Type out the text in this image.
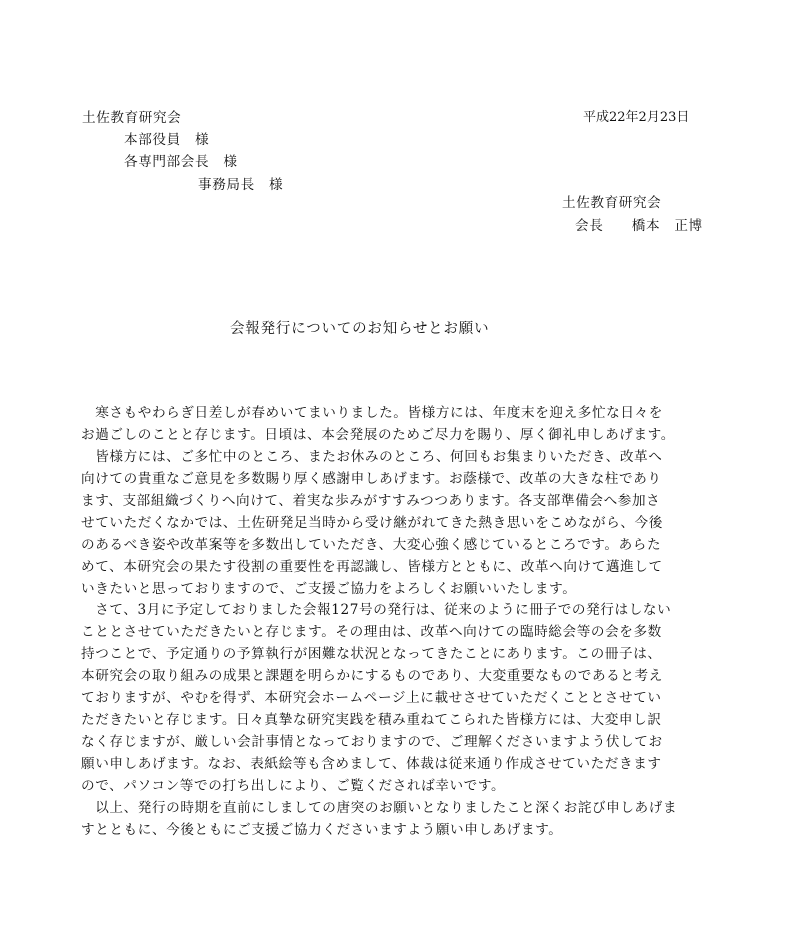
土佐教育研究会
本部役員　様
各専門部会長　様
事務局長　様
平成22年2月23日
土佐教育研究会
会長　　橋本　正博
会報発行についてのお知らせとお願い
　寒さもやわらぎ日差しが春めいてまいりました。皆様方には、年度末を迎え多忙な日々を
お過ごしのことと存じます。日頃は、本会発展のためご尽力を賜り、厚く御礼申しあげます。
　皆様方には、ご多忙中のところ、またお休みのところ、何回もお集まりいただき、改革へ
向けての貴重なご意見を多数賜り厚く感謝申しあげます。お蔭様で、改革の大きな柱であり
ます、支部組織づくりへ向けて、着実な歩みがすすみつつあります。各支部準備会へ参加さ
せていただくなかでは、土佐研発足当時から受け継がれてきた熱き思いをこめながら、今後
のあるべき姿や改革案等を多数出していただき、大変心強く感じているところです。あらた
めて、本研究会の果たす役割の重要性を再認識し、皆様方とともに、改革へ向けて邁進して
いきたいと思っておりますので、ご支援ご協力をよろしくお願いいたします。
　さて、3月に予定しておりました会報127号の発行は、従来のように冊子での発行はしない
こととさせていただきたいと存じます。その理由は、改革へ向けての臨時総会等の会を多数
持つことで、予定通りの予算執行が困難な状況となってきたことにあります。この冊子は、
本研究会の取り組みの成果と課題を明らかにするものであり、大変重要なものであると考え
ておりますが、やむを得ず、本研究会ホームページ上に載せさせていただくこととさせてい
ただきたいと存じます。日々真摯な研究実践を積み重ねてこられた皆様方には、大変申し訳
なく存じますが、厳しい会計事情となっておりますので、ご理解くださいますよう伏してお
願い申しあげます。なお、表紙絵等も含めまして、体裁は従来通り作成させていただきます
ので、パソコン等での打ち出しにより、ご覧くだされば幸いです。
　以上、発行の時期を直前にしましての唐突のお願いとなりましたこと深くお詫び申しあげま
すとともに、今後ともにご支援ご協力くださいますよう願い申しあげます。
